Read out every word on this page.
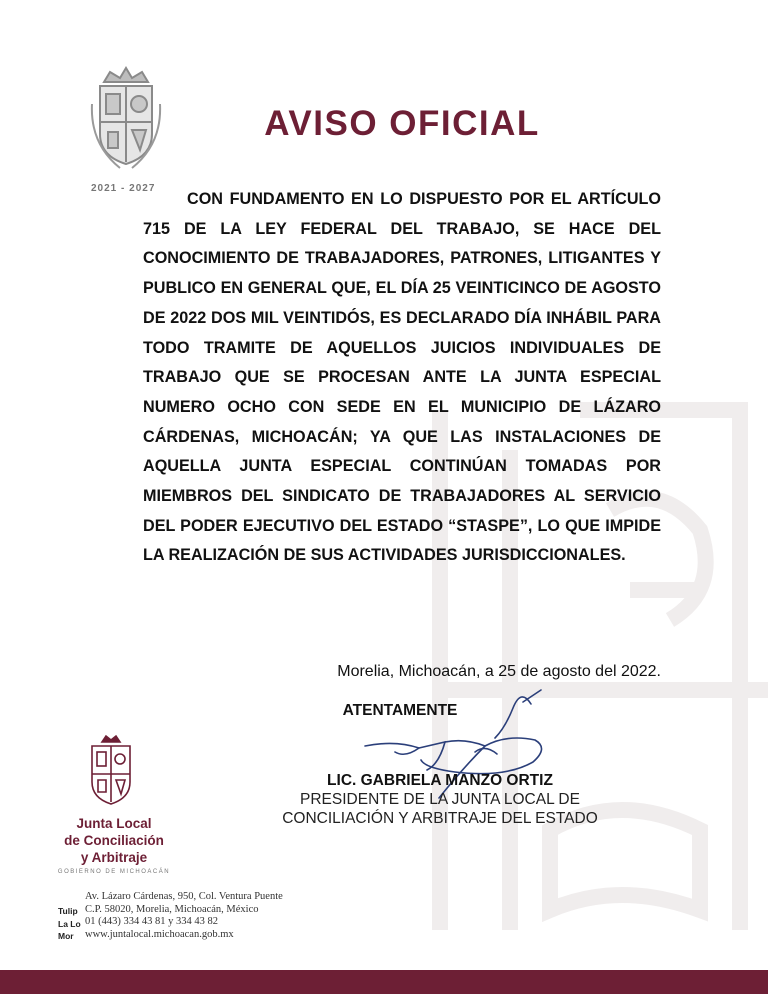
2021 - 2027
AVISO OFICIAL

CON FUNDAMENTO EN LO DISPUESTO POR EL ARTÍCULO 715 DE LA LEY FEDERAL DEL TRABAJO, SE HACE DEL CONOCIMIENTO DE TRABAJADORES, PATRONES, LITIGANTES Y PUBLICO EN GENERAL QUE, EL DÍA 25 VEINTICINCO DE AGOSTO DE 2022 DOS MIL VEINTIDÓS, ES DECLARADO DÍA INHÁBIL PARA TODO TRAMITE DE AQUELLOS JUICIOS INDIVIDUALES DE TRABAJO QUE SE PROCESAN ANTE LA JUNTA ESPECIAL NUMERO OCHO CON SEDE EN EL MUNICIPIO DE LÁZARO CÁRDENAS, MICHOACÁN; YA QUE LAS INSTALACIONES DE AQUELLA JUNTA ESPECIAL CONTINÚAN TOMADAS POR MIEMBROS DEL SINDICATO DE TRABAJADORES AL SERVICIO DEL PODER EJECUTIVO DEL ESTADO “STASPE”, LO QUE IMPIDE LA REALIZACIÓN DE SUS ACTIVIDADES JURISDICCIONALES.

Morelia, Michoacán, a 25 de agosto del 2022.
ATENTAMENTE
LIC. GABRIELA MANZO ORTIZ
PRESIDENTE DE LA JUNTA LOCAL DE
CONCILIACIÓN Y ARBITRAJE DEL ESTADO
Junta Local
de Conciliación
y Arbitraje
GOBIERNO DE MICHOACÁN
Tulip
La Lo
Mor
Av. Lázaro Cárdenas, 950, Col. Ventura Puente
C.P. 58020, Morelia, Michoacán, México
01 (443) 334 43 81 y 334 43 82
www.juntalocal.michoacan.gob.mx
